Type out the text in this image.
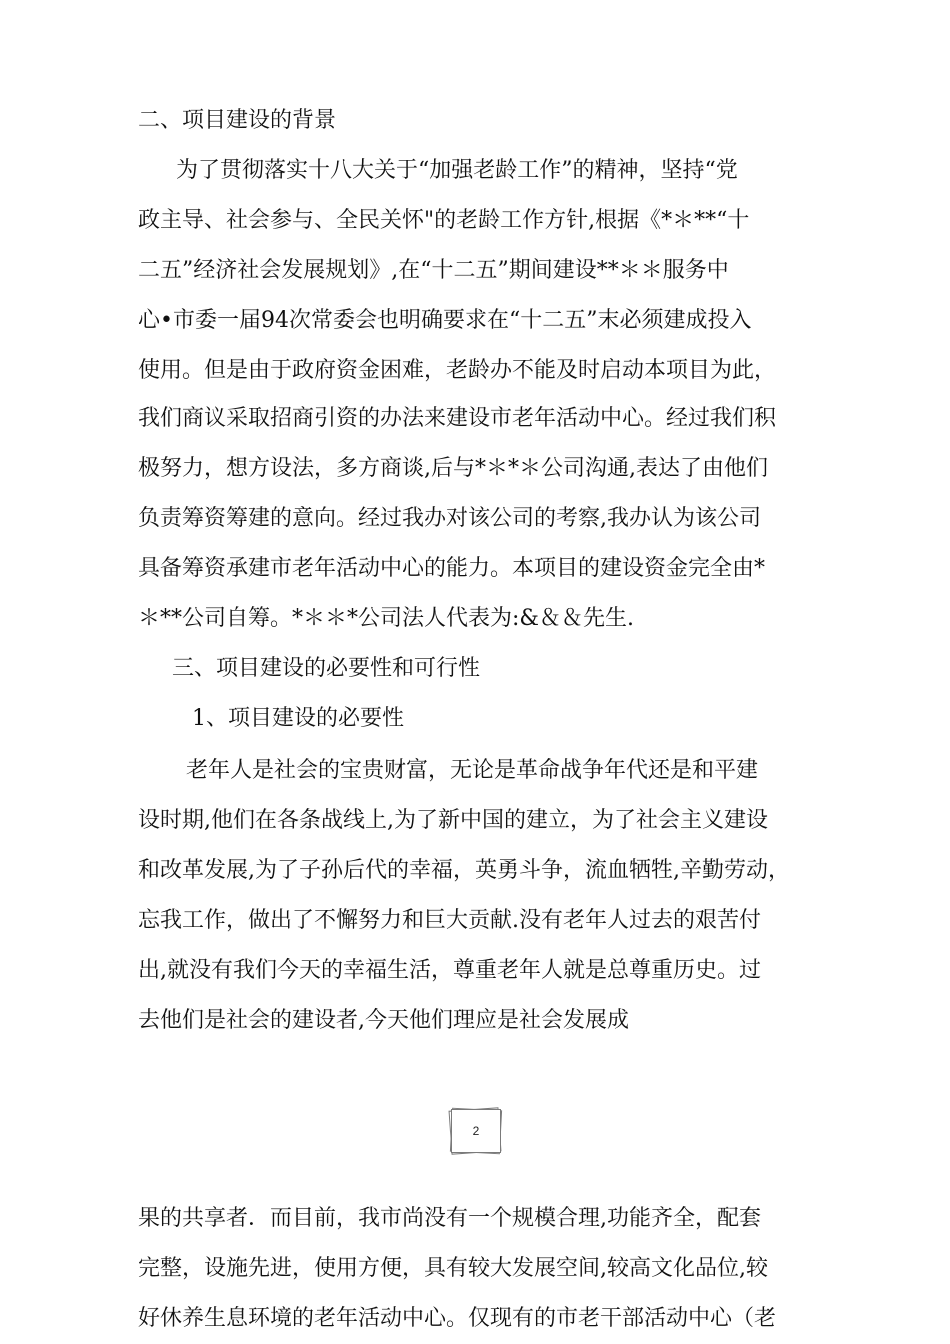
二、项目建设的背景
为了贯彻落实十八大关于“加强老龄工作”的精神，坚持“党
政主导、社会参与、全民关怀"的老龄工作方针,根据《*＊**“十
二五”经济社会发展规划》,在“十二五”期间建设**＊＊服务中
心•市委一届94次常委会也明确要求在“十二五”末必须建成投入
使用。但是由于政府资金困难，老龄办不能及时启动本项目为此，
我们商议采取招商引资的办法来建设市老年活动中心。经过我们积
极努力，想方设法，多方商谈,后与*＊*＊公司沟通,表达了由他们
负责筹资筹建的意向。经过我办对该公司的考察,我办认为该公司
具备筹资承建市老年活动中心的能力。本项目的建设资金完全由*
＊**公司自筹。*＊＊*公司法人代表为:&＆＆先生.
三、项目建设的必要性和可行性
1、项目建设的必要性
老年人是社会的宝贵财富，无论是革命战争年代还是和平建
设时期,他们在各条战线上,为了新中国的建立，为了社会主义建设
和改革发展,为了子孙后代的幸福，英勇斗争，流血牺牲,辛勤劳动，
忘我工作，做出了不懈努力和巨大贡献.没有老年人过去的艰苦付
出,就没有我们今天的幸福生活，尊重老年人就是总尊重历史。过
去他们是社会的建设者,今天他们理应是社会发展成
2
果的共享者．而目前，我市尚没有一个规模合理,功能齐全，配套
完整，设施先进，使用方便，具有较大发展空间,较高文化品位,较
好休养生息环境的老年活动中心。仅现有的市老干部活动中心（老
